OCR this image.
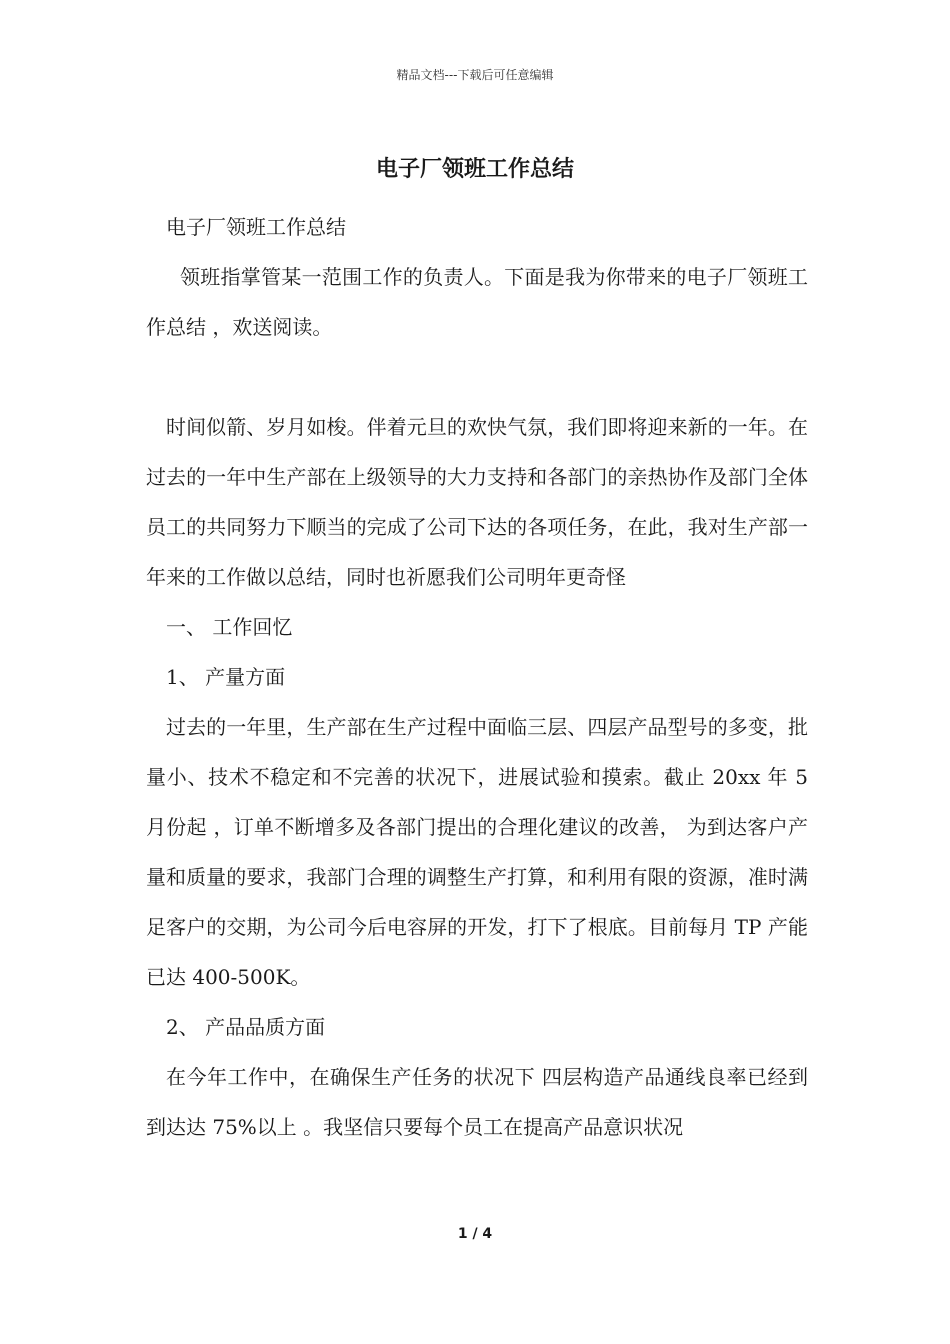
精品文档---下载后可任意编辑
电子厂领班工作总结

电子厂领班工作总结

领班指掌管某一范围工作的负责人。下面是我为你带来的电子厂领班工作总结 ，欢送阅读。

时间似箭、岁月如梭。伴着元旦的欢快气氛，我们即将迎来新的一年。在过去的一年中生产部在上级领导的大力支持和各部门的亲热协作及部门全体员工的共同努力下顺当的完成了公司下达的各项任务，在此，我对生产部一年来的工作做以总结，同时也祈愿我们公司明年更奇怪

一、 工作回忆

1、 产量方面

过去的一年里，生产部在生产过程中面临三层、四层产品型号的多变，批量小、技术不稳定和不完善的状况下，进展试验和摸索。截止 20xx 年 5 月份起 ，订单不断增多及各部门提出的合理化建议的改善， 为到达客户产量和质量的要求，我部门合理的调整生产打算，和利用有限的资源，准时满足客户的交期，为公司今后电容屏的开发，打下了根底。目前每月 TP 产能已达 400-500K。

2、 产品品质方面

在今年工作中，在确保生产任务的状况下 四层构造产品通线良率已经到到达达 75%以上 。我坚信只要每个员工在提高产品意识状况

1 / 4
